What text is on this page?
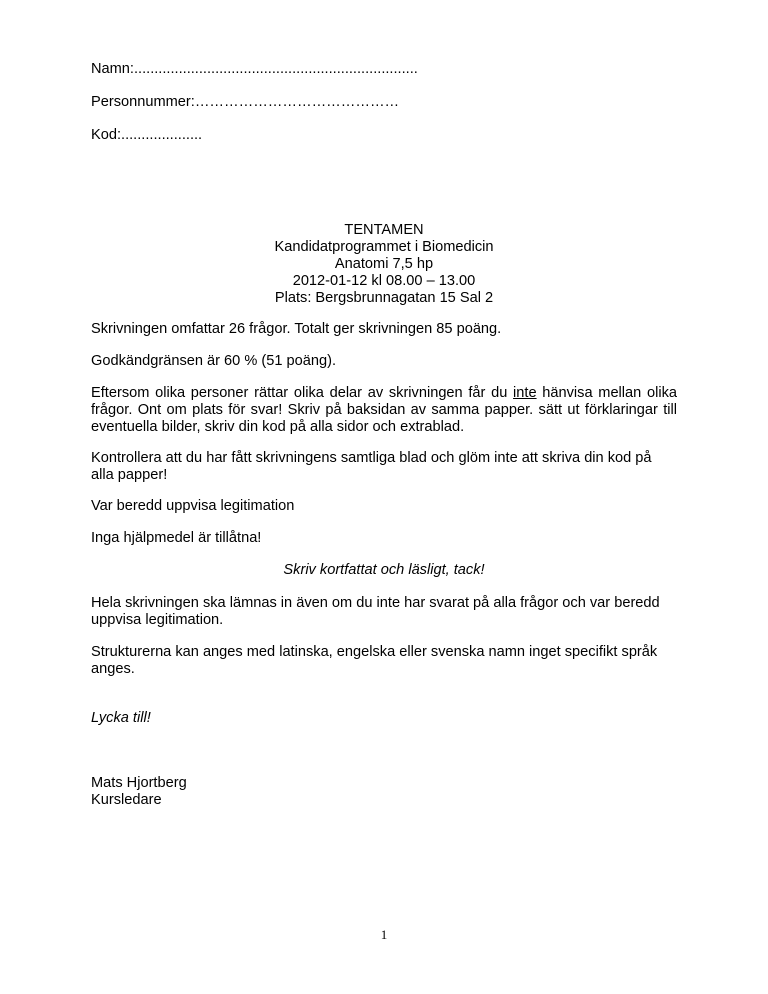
Namn:......................................................................
Personnummer:……………………………………
Kod:....................
TENTAMEN
Kandidatprogrammet i Biomedicin
Anatomi 7,5 hp
2012-01-12 kl 08.00 – 13.00
Plats: Bergsbrunnagatan 15 Sal 2
Skrivningen omfattar 26 frågor. Totalt ger skrivningen 85 poäng.
Godkändgränsen är 60 % (51 poäng).
Eftersom olika personer rättar olika delar av skrivningen får du inte hänvisa mellan olika frågor. Ont om plats för svar! Skriv på baksidan av samma papper. sätt ut förklaringar till eventuella bilder, skriv din kod på alla sidor och extrablad.
Kontrollera att du har fått skrivningens samtliga blad och glöm inte att skriva din kod på alla papper!
Var beredd uppvisa legitimation
Inga hjälpmedel är tillåtna!
Skriv kortfattat och läsligt, tack!
Hela skrivningen ska lämnas in även om du inte har svarat på alla frågor och var beredd uppvisa legitimation.
Strukturerna kan anges med latinska, engelska eller svenska namn inget specifikt språk anges.
Lycka till!
Mats Hjortberg
Kursledare
1
